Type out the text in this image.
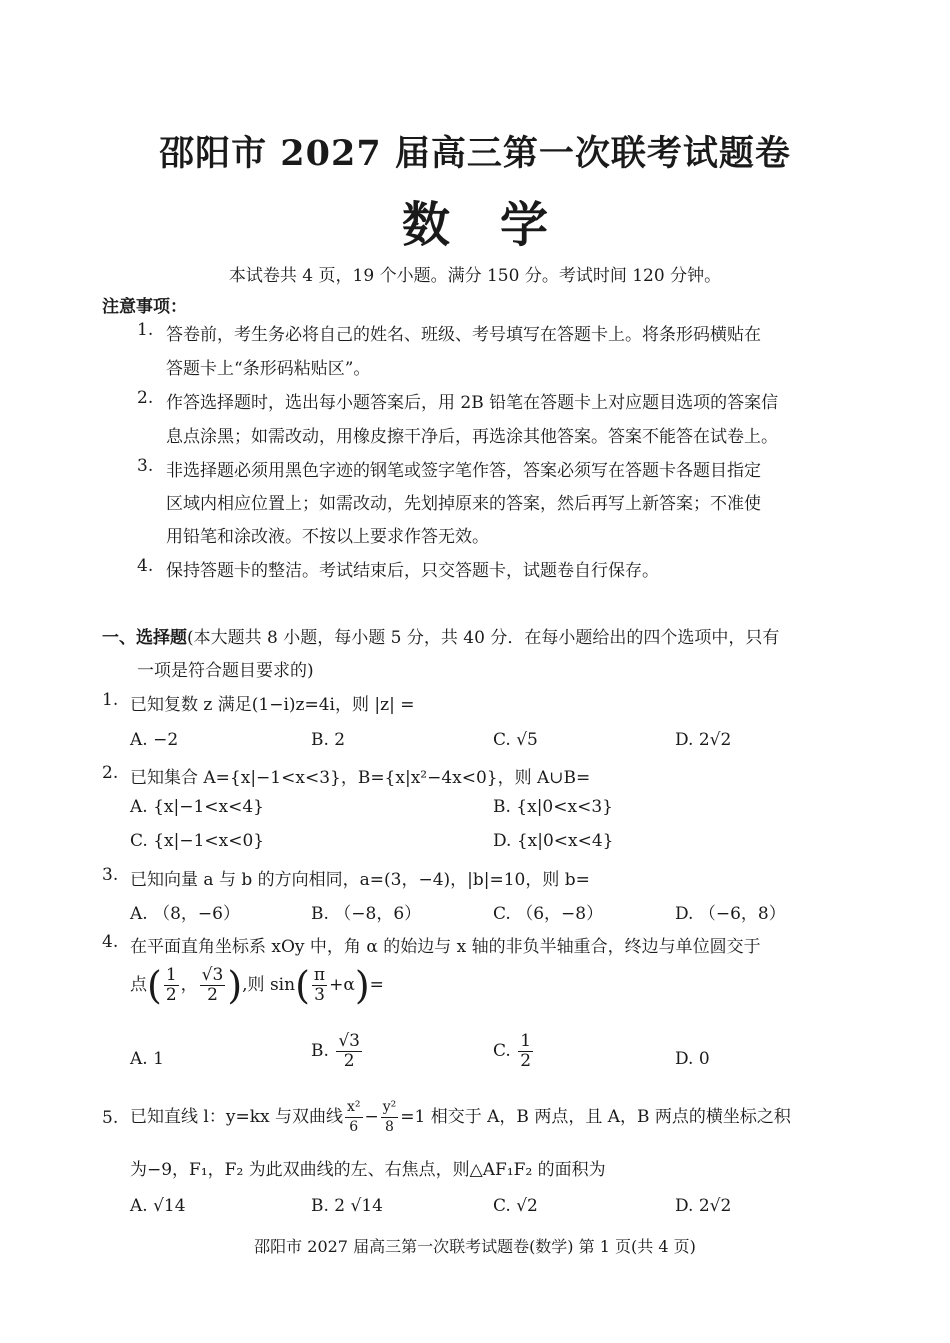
邵阳市 2027 届高三第一次联考试题卷
数学
本试卷共 4 页，19 个小题。满分 150 分。考试时间 120 分钟。
注意事项：
1. 答卷前，考生务必将自己的姓名、班级、考号填写在答题卡上。将条形码横贴在
答题卡上“条形码粘贴区”。
2. 作答选择题时，选出每小题答案后，用 2B 铅笔在答题卡上对应题目选项的答案信
息点涂黑；如需改动，用橡皮擦干净后，再选涂其他答案。答案不能答在试卷上。
3. 非选择题必须用黑色字迹的钢笔或签字笔作答，答案必须写在答题卡各题目指定
区域内相应位置上；如需改动，先划掉原来的答案，然后再写上新答案；不准使
用铅笔和涂改液。不按以上要求作答无效。
4. 保持答题卡的整洁。考试结束后，只交答题卡，试题卷自行保存。
一、选择题(本大题共 8 小题，每小题 5 分，共 40 分．在每小题给出的四个选项中，只有
一项是符合题目要求的)
1. 已知复数 z 满足(1−i)z=4i，则 |z| =
A. −2	B. 2	C. √5	D. 2√2
2. 已知集合 A={x|−1<x<3}，B={x|x²−4x<0}，则 A∪B=
A. {x|−1<x<4}	B. {x|0<x<3}
C. {x|−1<x<0}	D. {x|0<x<4}
3. 已知向量 a 与 b 的方向相同，a=(3，−4)，|b|=10，则 b=
A. （8，−6）	B. （−8，6）	C. （6，−8）	D. （−6，8）
4. 在平面直角坐标系 xOy 中，角 α 的始边与 x 轴的非负半轴重合，终边与单位圆交于
点( $\frac{1}{2}$ ， $\frac{√3}{2}$ ),则 $\sin( \frac{\pi}{3} +\alpha)=$
A. 1	B. $\frac{√3}{2}$	C. $\frac{1}{2}$	D. 0
5. 已知直线 l：y=kx 与双曲线 $\frac{\text{x²}}{6} - \frac{\text{y²}}{8} =1$ 相交于 A，B 两点，且 A，B 两点的横坐标之积
为−9，F₁，F₂ 为此双曲线的左、右焦点，则△AF₁F₂ 的面积为
A. √14	B. 2 √14	C. √2	D. 2√2
邵阳市 2027 届高三第一次联考试题卷(数学) 第 1 页(共 4 页)
